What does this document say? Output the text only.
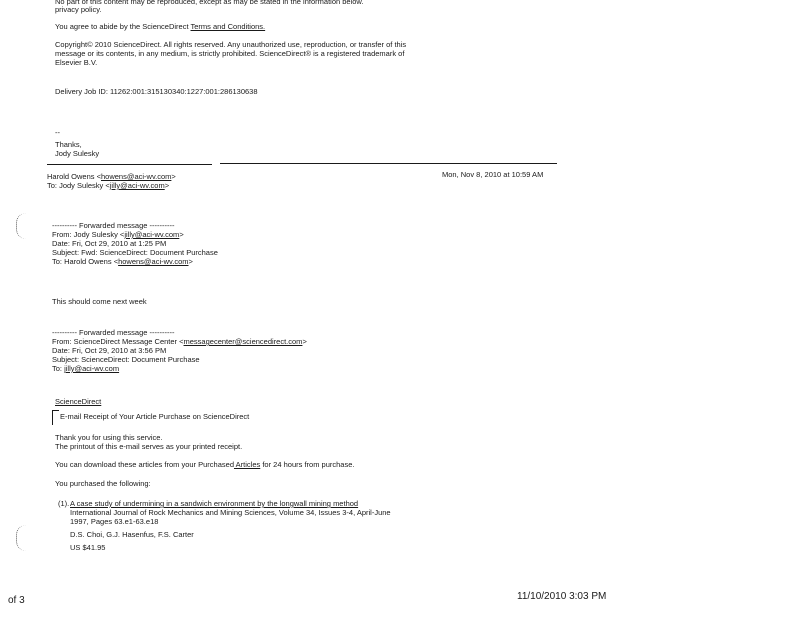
No part of this content may be reproduced, except as may be stated in the information below.
privacy policy.
You agree to abide by the ScienceDirect Terms and Conditions.
Copyright© 2010 ScienceDirect. All rights reserved. Any unauthorized use, reproduction, or transfer of this
message or its contents, in any medium, is strictly prohibited. ScienceDirect® is a registered trademark of
Elsevier B.V.
Delivery Job ID: 11262:001:315130340:1227:001:286130638
--
Thanks,
Jody Sulesky
Harold Owens <howens@aci-wv.com>	Mon, Nov 8, 2010 at 10:59 AM
To: Jody Sulesky <jilly@aci-wv.com>
---------- Forwarded message ----------
From: Jody Sulesky <jilly@aci-wv.com>
Date: Fri, Oct 29, 2010 at 1:25 PM
Subject: Fwd: ScienceDirect: Document Purchase
To: Harold Owens <howens@aci-wv.com>
This should come next week
---------- Forwarded message ----------
From: ScienceDirect Message Center <messagecenter@sciencedirect.com>
Date: Fri, Oct 29, 2010 at 3:56 PM
Subject: ScienceDirect: Document Purchase
To: jilly@aci-wv.com
ScienceDirect
E-mail Receipt of Your Article Purchase on ScienceDirect
Thank you for using this service.
The printout of this e-mail serves as your printed receipt.
You can download these articles from your Purchased Articles for 24 hours from purchase.
You purchased the following:
(1). A case study of undermining in a sandwich environment by the longwall mining method
International Journal of Rock Mechanics and Mining Sciences, Volume 34, Issues 3-4, April-June
1997, Pages 63.e1-63.e18
D.S. Choi, G.J. Hasenfus, F.S. Carter
US $41.95
of 3	11/10/2010 3:03 PM
